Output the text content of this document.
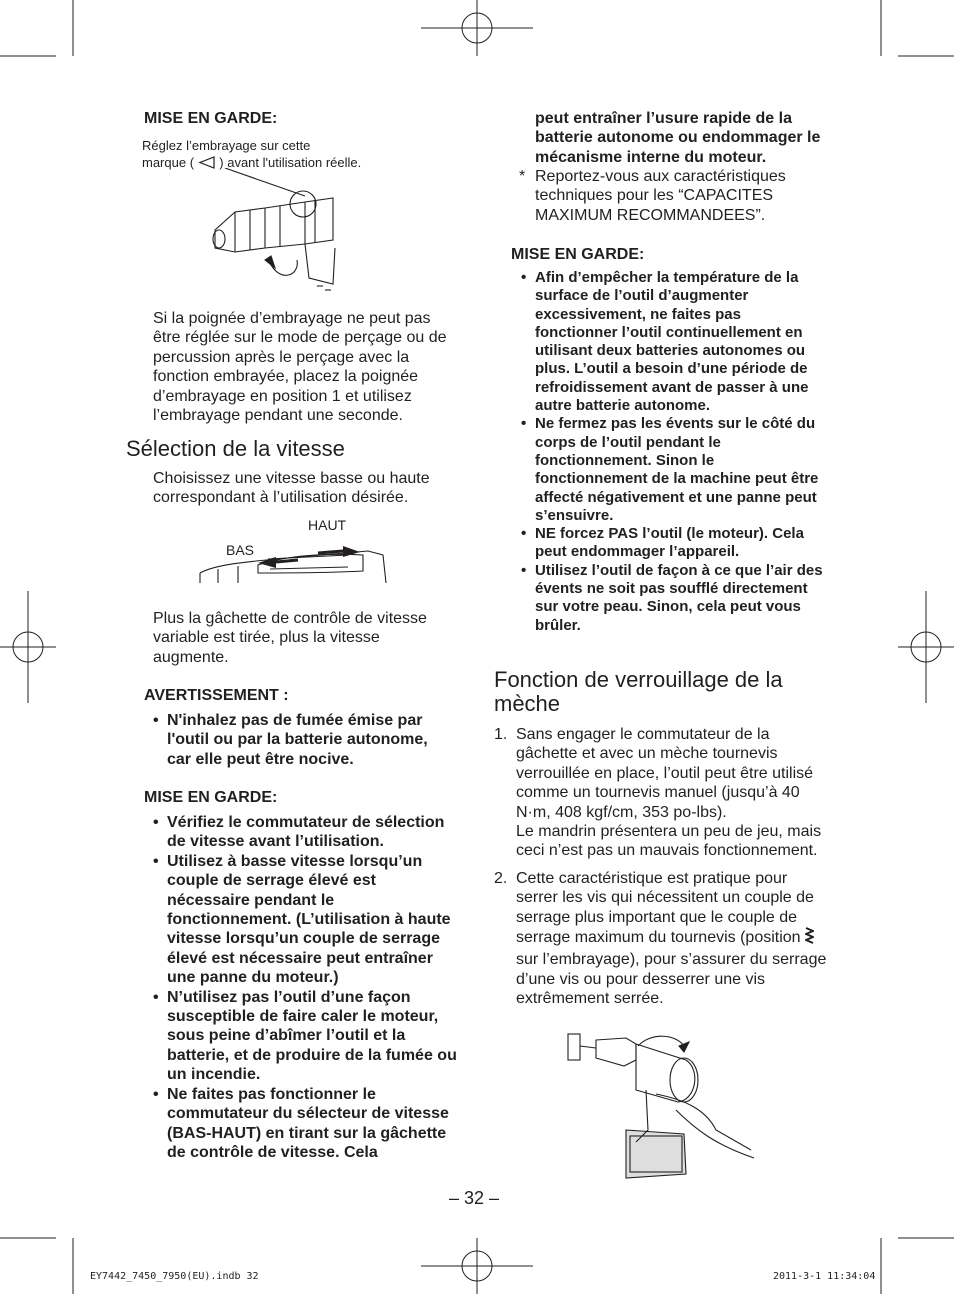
MISE EN GARDE:
Réglez l’embrayage sur cette
marque ( ) avant l'utilisation réelle.
Si la poignée d’embrayage ne peut pas être réglée sur le mode de perçage ou de percussion après le perçage avec la fonction embrayée, placez la poignée d’embrayage en position 1 et utilisez l’embrayage pendant une seconde.
Sélection de la vitesse
Choisissez une vitesse basse ou haute correspondant à l’utilisation désirée.
HAUT
BAS
Plus la gâchette de contrôle de vitesse variable est tirée, plus la vitesse augmente.
AVERTISSEMENT :
• N'inhalez pas de fumée émise par l'outil ou par la batterie autonome, car elle peut être nocive.
MISE EN GARDE:
• Vérifiez le commutateur de sélection de vitesse avant l’utilisation.
• Utilisez à basse vitesse lorsqu’un couple de serrage élevé est nécessaire pendant le fonctionnement. (L’utilisation à haute vitesse lorsqu’un couple de serrage élevé est nécessaire peut entraîner une panne du moteur.)
• N’utilisez pas l’outil d’une façon susceptible de faire caler le moteur, sous peine d’abîmer l’outil et la batterie, et de produire de la fumée ou un incendie.
• Ne faites pas fonctionner le commutateur du sélecteur de vitesse (BAS-HAUT) en tirant sur la gâchette de contrôle de vitesse. Cela
peut entraîner l’usure rapide de la batterie autonome ou endommager le mécanisme interne du moteur.
* Reportez-vous aux caractéristiques techniques pour les “CAPACITES MAXIMUM RECOMMANDEES”.
MISE EN GARDE:
• Afin d’empêcher la température de la surface de l’outil d’augmenter excessivement, ne faites pas fonctionner l’outil continuellement en utilisant deux batteries autonomes ou plus. L’outil a besoin d’une période de refroidissement avant de passer à une autre batterie autonome.
• Ne fermez pas les évents sur le côté du corps de l’outil pendant le fonctionnement. Sinon le fonctionnement de la machine peut être affecté négativement et une panne peut s’ensuivre.
• NE forcez PAS l’outil (le moteur). Cela peut endommager l’appareil.
• Utilisez l’outil de façon à ce que l’air des évents ne soit pas soufflé directement sur votre peau. Sinon, cela peut vous brûler.
Fonction de verrouillage de la mèche
1. Sans engager le commutateur de la gâchette et avec un mèche tournevis verrouillée en place, l’outil peut être utilisé comme un tournevis manuel (jusqu’à 40 N·m, 408 kgf/cm, 353 po-lbs).
Le mandrin présentera un peu de jeu, mais ceci n’est pas un mauvais fonctionnement.
2. Cette caractéristique est pratique pour serrer les vis qui nécessitent un couple de serrage plus important que le couple de serrage maximum du tournevis (position  sur l’embrayage), pour s’assurer du serrage d’une vis ou pour desserrer une vis extrêmement serrée.
– 32 –
EY7442_7450_7950(EU).indb 32	2011-3-1 11:34:04
